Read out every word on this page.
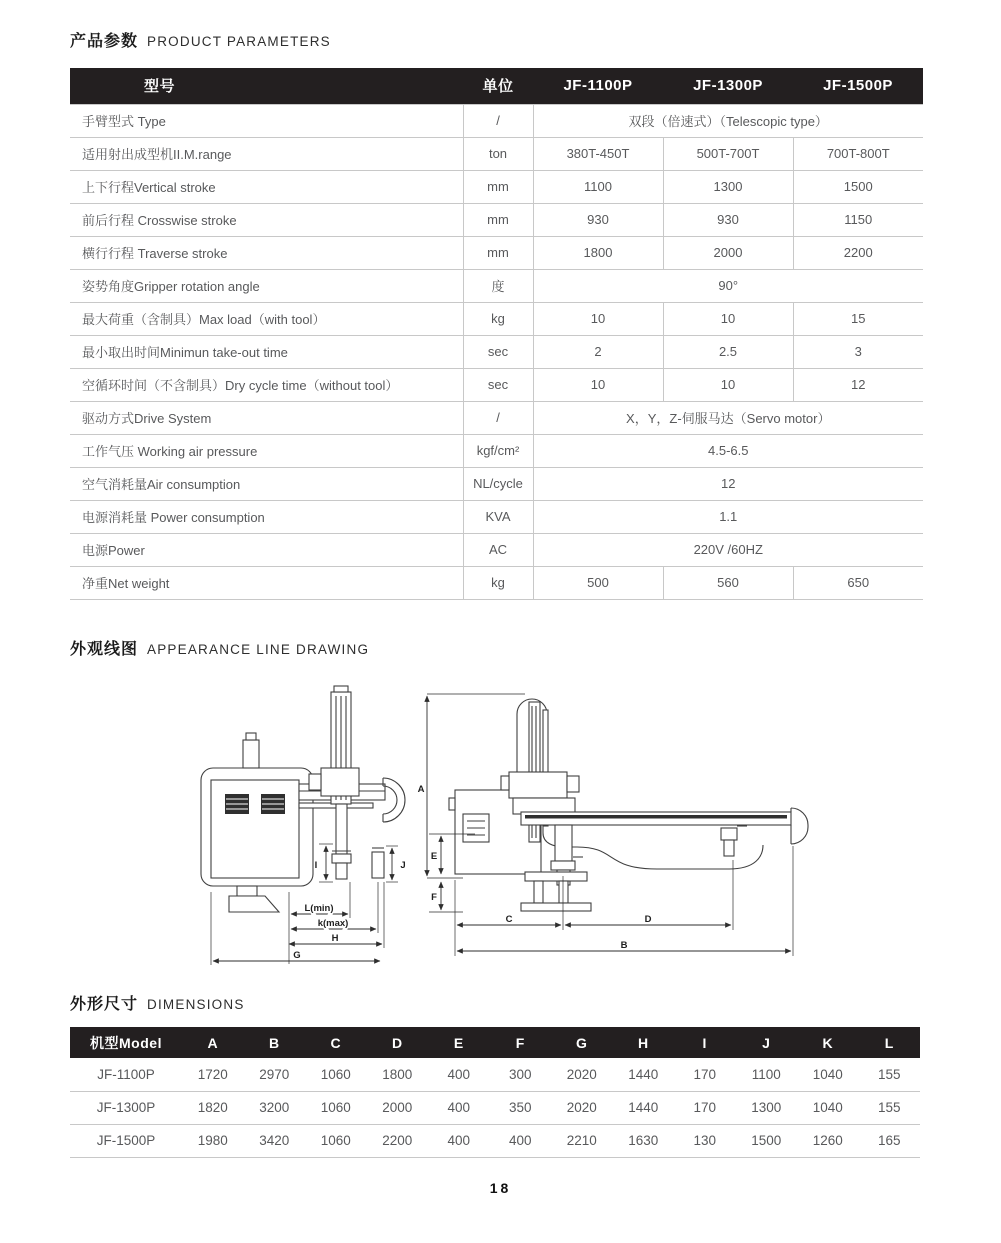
产品参数 PRODUCT PARAMETERS
型号	单位	JF-1100P	JF-1300P	JF-1500P
手臂型式 Type	/	双段（倍速式）（Telescopic type）		
适用射出成型机II.M.range	ton	380T-450T	500T-700T	700T-800T
上下行程Vertical stroke	mm	1100	1300	1500
前后行程 Crosswise stroke	mm	930	930	1150
横行行程 Traverse stroke	mm	1800	2000	2200
姿势角度Gripper rotation angle	度	90°		
最大荷重（含制具）Max load（with tool）	kg	10	10	15
最小取出时间Minimun take-out time	sec	2	2.5	3
空循环时间（不含制具）Dry cycle time（without tool）	sec	10	10	12
驱动方式Drive System	/	X，Y，Z-伺服马达（Servo motor）		
工作气压 Working air pressure	kgf/cm²	4.5-6.5		
空气消耗量Air consumption	NL/cycle	12		
电源消耗量 Power consumption	KVA	1.1		
电源Power	AC	220V /60HZ		
净重Net weight	kg	500	560	650
外观线图 APPEARANCE LINE DRAWING
I	J
L(min)
k(max)
H
G
A
E
F
C	D
B
外形尺寸 DIMENSIONS
机型Model	A	B	C	D	E	F	G	H	I	J	K	L
JF-1100P	1720	2970	1060	1800	400	300	2020	1440	170	1100	1040	155
JF-1300P	1820	3200	1060	2000	400	350	2020	1440	170	1300	1040	155
JF-1500P	1980	3420	1060	2200	400	400	2210	1630	130	1500	1260	165
18
